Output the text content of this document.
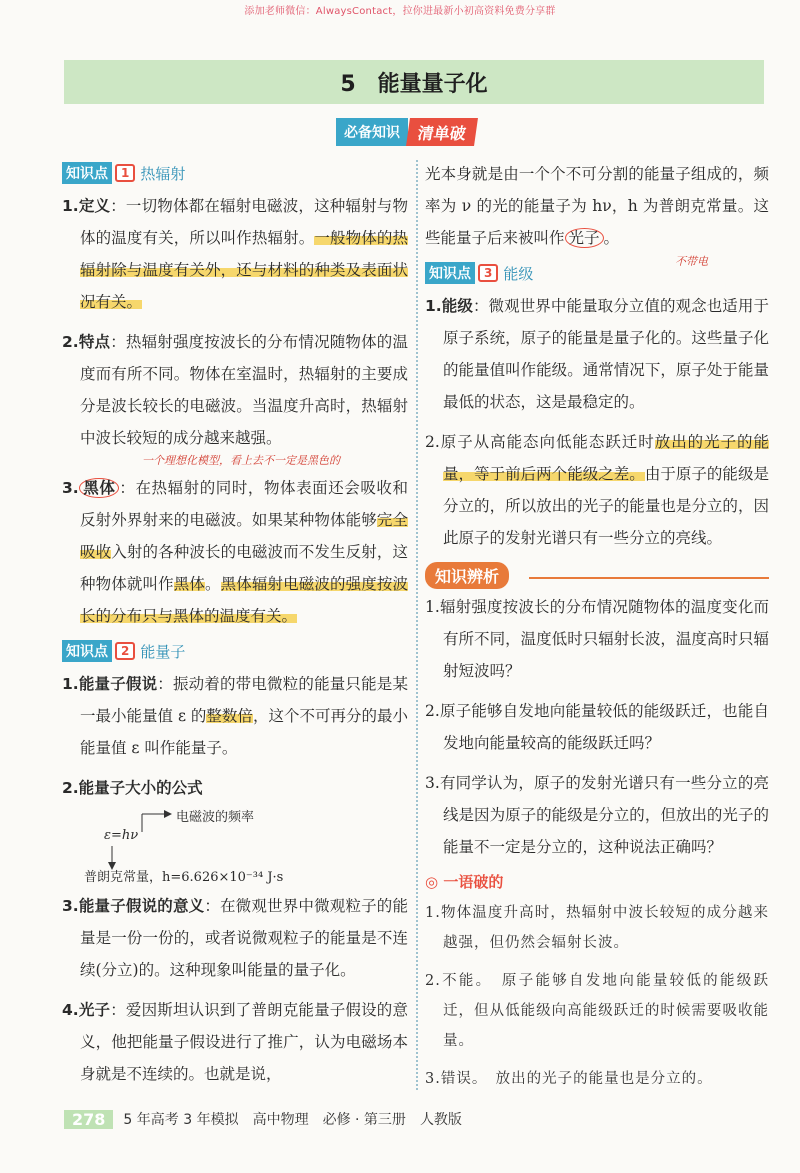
添加老师微信：AlwaysContact，拉你进最新小初高资料免费分享群
5　能量量子化
必备知识	清单破
知识点	1 热辐射

1.定义：一切物体都在辐射电磁波，这种辐射与物体的温度有关，所以叫作热辐射。一般物体的热辐射除与温度有关外，还与材料的种类及表面状况有关。

2.特点：热辐射强度按波长的分布情况随物体的温度而有所不同。物体在室温时，热辐射的主要成分是波长较长的电磁波。当温度升高时，热辐射中波长较短的成分越来越强。

一个理想化模型，看上去不一定是黑色的

3. 黑体 ：在热辐射的同时，物体表面还会吸收和反射外界射来的电磁波。如果某种物体能够完全吸收入射的各种波长的电磁波而不发生反射，这种物体就叫作黑体。黑体辐射电磁波的强度按波长的分布只与黑体的温度有关。

知识点	2 能量子

1.能量子假说：振动着的带电微粒的能量只能是某一最小能量值 ε 的整数倍，这个不可再分的最小能量值 ε 叫作能量子。

2.能量子大小的公式

ε=hν
电磁波的频率
普朗克常量，h=6.626×10⁻³⁴ J·s

3.能量子假说的意义：在微观世界中微观粒子的能量是一份一份的，或者说微观粒子的能量是不连续(分立)的。这种现象叫能量的量子化。

4.光子：爱因斯坦认识到了普朗克能量子假设的意义，他把能量子假设进行了推广，认为电磁场本身就是不连续的。也就是说，

光本身就是由一个个不可分割的能量子组成的，频率为 ν 的光的能量子为 hν，h 为普朗克常量。这些能量子后来被叫作 光子 。

不带电
知识点	3 能级

1.能级：微观世界中能量取分立值的观念也适用于原子系统，原子的能量是量子化的。这些量子化的能量值叫作能级。通常情况下，原子处于能量最低的状态，这是最稳定的。

2.原子从高能态向低能态跃迁时放出的光子的能量，等于前后两个能级之差。由于原子的能级是分立的，所以放出的光子的能量也是分立的，因此原子的发射光谱只有一些分立的亮线。

知识辨析

1.辐射强度按波长的分布情况随物体的温度变化而有所不同，温度低时只辐射长波，温度高时只辐射短波吗？

2.原子能够自发地向能量较低的能级跃迁，也能自发地向能量较高的能级跃迁吗？

3.有同学认为，原子的发射光谱只有一些分立的亮线是因为原子的能级是分立的，但放出的光子的能量不一定是分立的，这种说法正确吗？

◎ 一语破的

1.物体温度升高时，热辐射中波长较短的成分越来越强，但仍然会辐射长波。

2.不能。　原子能够自发地向能量较低的能级跃迁，但从低能级向高能级跃迁的时候需要吸收能量。

3.错误。　放出的光子的能量也是分立的。

278	5 年高考 3 年模拟 高中物理 必修 · 第三册 人教版
